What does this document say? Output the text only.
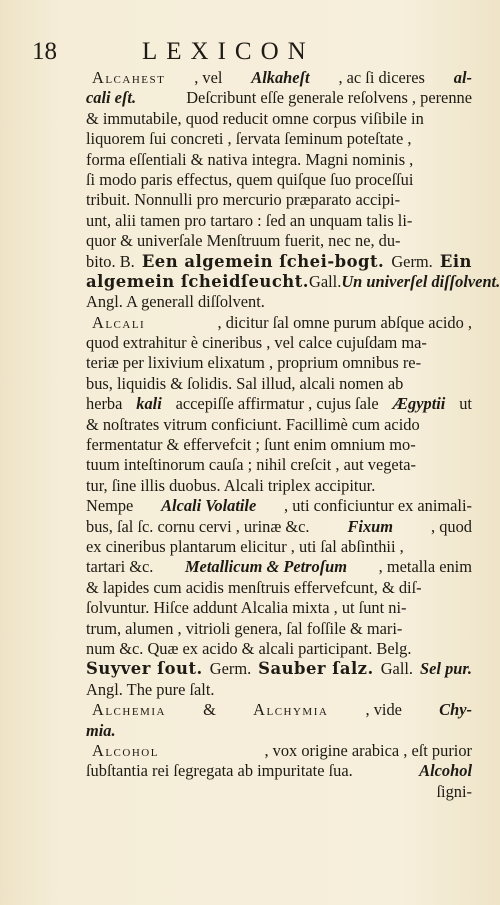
18	LEXICON
Alcahest , vel Alkaheſt , ac ſi diceres al-
cali eſt.	Deſcribunt eſſe generale reſolvens , perenne
& immutabile, quod reducit omne corpus viſibile in
liquorem ſui concreti , ſervata ſeminum poteſtate ,
forma eſſentiali & nativa integra. Magni nominis ,
ſi modo paris effectus, quem quiſque ſuo proceſſui
tribuit. Nonnulli pro mercurio præparato accipi-
unt, alii tamen pro tartaro : ſed an unquam talis li-
quor & univerſale Menſtruum fuerit, nec ne, du-
bito. B. Een algemein ſchei-bogt. Germ. Ein
algemein ſcheidſeucht. Gall. Un univerſel diſſolvent.
Angl. A generall diſſolvent.
Alcali	, dicitur ſal omne purum abſque acido ,
quod extrahitur è cineribus , vel calce cujuſdam ma-
teriæ per lixivium elixatum , proprium omnibus re-
bus, liquidis & ſolidis. Sal illud, alcali nomen ab
herba kali accepiſſe affirmatur , cujus ſale Ægyptii ut
& noſtrates vitrum conficiunt. Facillimè cum acido
fermentatur & effervefcit ; ſunt enim omnium mo-
tuum inteſtinorum cauſa ; nihil creſcit , aut vegeta-
tur, ſine illis duobus. Alcali triplex accipitur.
Nempe Alcali Volatile , uti conficiuntur ex animali-
bus, ſal ſc. cornu cervi , urinæ &c. Fixum , quod
ex cineribus plantarum elicitur , uti ſal abſinthii ,
tartari &c. Metallicum & Petroſum , metalla enim
& lapides cum acidis menſtruis effervefcunt, & diſ-
ſolvuntur. Hiſce addunt Alcalia mixta , ut ſunt ni-
trum, alumen , vitrioli genera, ſal foſſile & mari-
num &c. Quæ ex acido & alcali participant. Belg.
Suyver ſout. Germ. Sauber ſalz. Gall. Sel pur.
Angl. The pure ſalt.
Alchemia & Alchymia , vide Chy-
mia.
Alcohol	, vox origine arabica , eſt purior
ſubſtantia rei ſegregata ab impuritate ſua.	Alcohol
ſigni-
